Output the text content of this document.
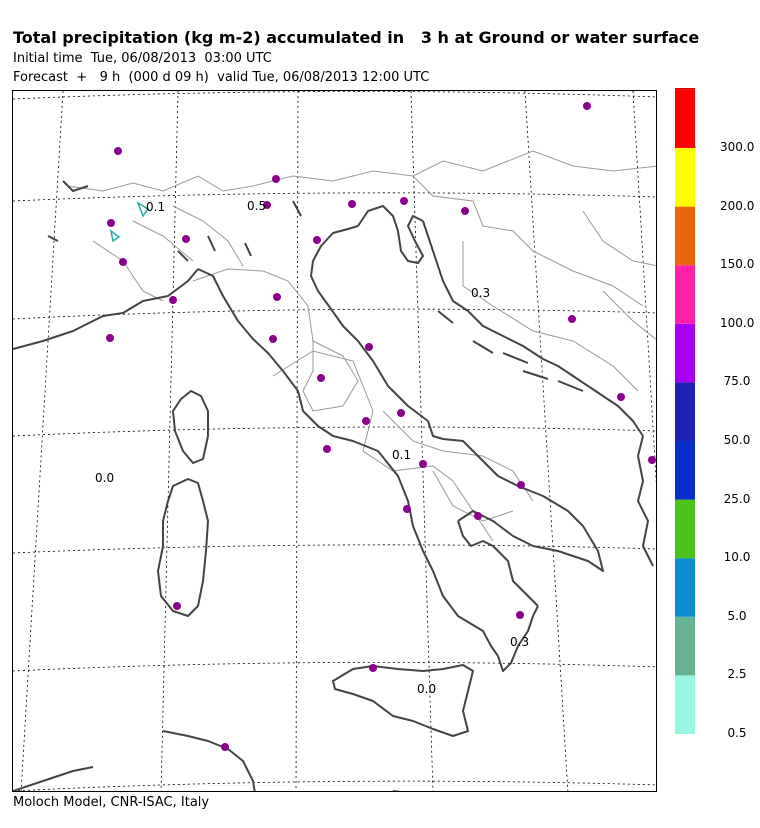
Total precipitation (kg m-2) accumulated in   3 h at Ground or water surface
Initial time  Tue, 06/08/2013  03:00 UTC
Forecast  +   9 h  (000 d 09 h)  valid Tue, 06/08/2013 12:00 UTC
0.1	0.5
0.3
0.0
0.1
0.3
0.0
0.5
2.5
5.0
10.0
25.0
50.0
75.0
100.0
150.0
200.0
300.0
Moloch Model, CNR-ISAC, Italy
